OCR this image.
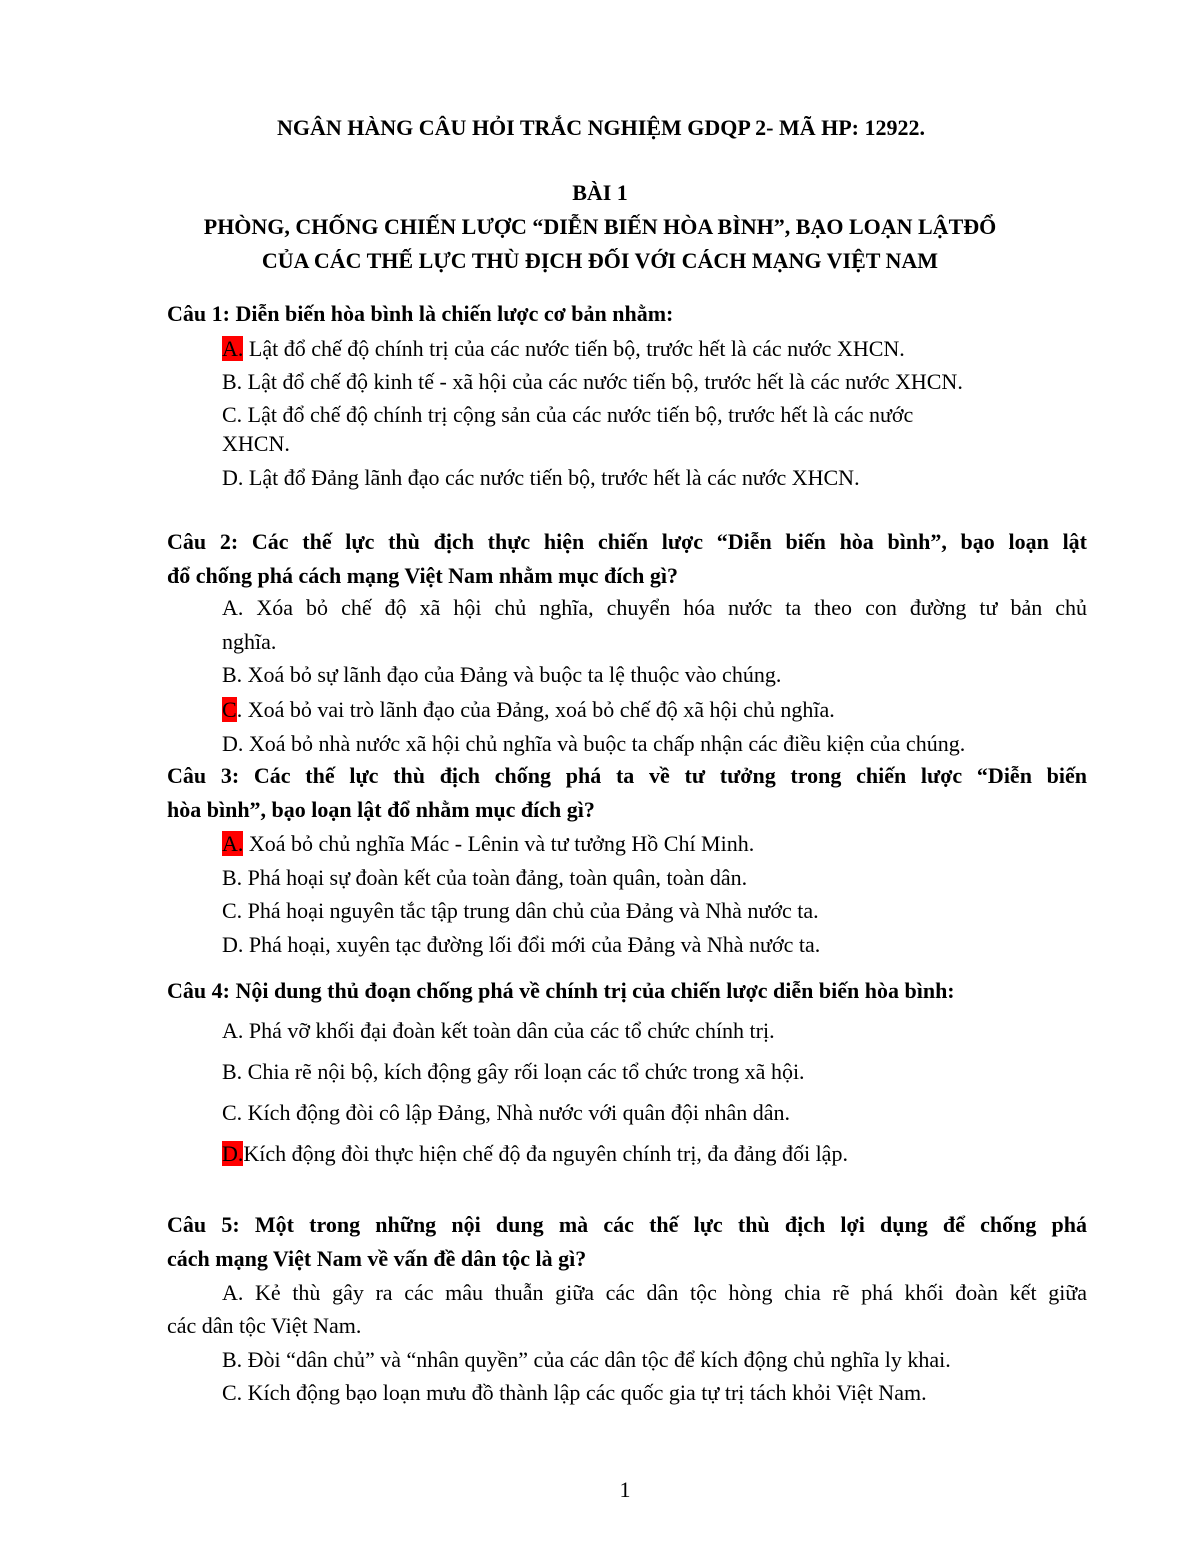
NGÂN HÀNG CÂU HỎI TRẮC NGHIỆM GDQP 2- MÃ HP: 12922.
BÀI 1
PHÒNG, CHỐNG CHIẾN LƯỢC “DIỄN BIẾN HÒA BÌNH”, BẠO LOẠN LẬTĐỔ
CỦA CÁC THẾ LỰC THÙ ĐỊCH ĐỐI VỚI CÁCH MẠNG VIỆT NAM
Câu 1: Diễn biến hòa bình là chiến lược cơ bản nhằm:
A. Lật đổ chế độ chính trị của các nước tiến bộ, trước hết là các nước XHCN.
B. Lật đổ chế độ kinh tế - xã hội của các nước tiến bộ, trước hết là các nước XHCN.
C. Lật đổ chế độ chính trị cộng sản của các nước tiến bộ, trước hết là các nước
XHCN.
D. Lật đổ Đảng lãnh đạo các nước tiến bộ, trước hết là các nước XHCN.
Câu 2: Các thế lực thù địch thực hiện chiến lược “Diễn biến hòa bình”, bạo loạn lật
đổ chống phá cách mạng Việt Nam nhằm mục đích gì?
A. Xóa bỏ chế độ xã hội chủ nghĩa, chuyển hóa nước ta theo con đường tư bản chủ
nghĩa.
B. Xoá bỏ sự lãnh đạo của Đảng và buộc ta lệ thuộc vào chúng.
C. Xoá bỏ vai trò lãnh đạo của Đảng, xoá bỏ chế độ xã hội chủ nghĩa.
D. Xoá bỏ nhà nước xã hội chủ nghĩa và buộc ta chấp nhận các điều kiện của chúng.
Câu 3: Các thế lực thù địch chống phá ta về tư tưởng trong chiến lược “Diễn biến
hòa bình”, bạo loạn lật đổ nhằm mục đích gì?
A. Xoá bỏ chủ nghĩa Mác - Lênin và tư tưởng Hồ Chí Minh.
B. Phá hoại sự đoàn kết của toàn đảng, toàn quân, toàn dân.
C. Phá hoại nguyên tắc tập trung dân chủ của Đảng và Nhà nước ta.
D. Phá hoại, xuyên tạc đường lối đổi mới của Đảng và Nhà nước ta.
Câu 4: Nội dung thủ đoạn chống phá về chính trị của chiến lược diễn biến hòa bình:
A. Phá vỡ khối đại đoàn kết toàn dân của các tổ chức chính trị.
B. Chia rẽ nội bộ, kích động gây rối loạn các tổ chức trong xã hội.
C. Kích động đòi cô lập Đảng, Nhà nước với quân đội nhân dân.
D.Kích động đòi thực hiện chế độ đa nguyên chính trị, đa đảng đối lập.
Câu 5: Một trong những nội dung mà các thế lực thù địch lợi dụng để chống phá
cách mạng Việt Nam về vấn đề dân tộc là gì?
A. Kẻ thù gây ra các mâu thuẫn giữa các dân tộc hòng chia rẽ phá khối đoàn kết giữa
các dân tộc Việt Nam.
B. Đòi “dân chủ” và “nhân quyền” của các dân tộc để kích động chủ nghĩa ly khai.
C. Kích động bạo loạn mưu đồ thành lập các quốc gia tự trị tách khỏi Việt Nam.
1
